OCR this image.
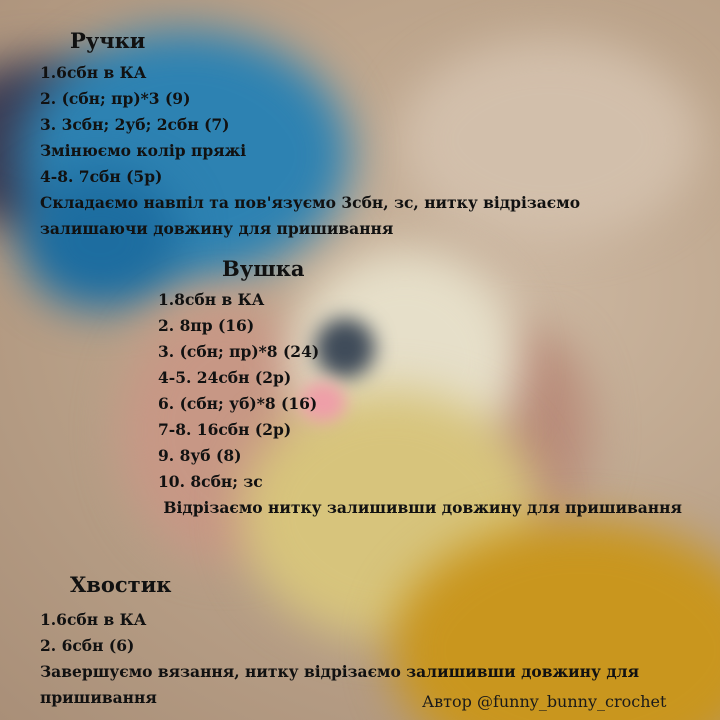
Ручки
1.6сбн в КА
2. (сбн; пр)*3 (9)
3. 3сбн; 2уб; 2сбн (7)
Змінюємо колір пряжі
4-8. 7сбн (5р)
Складаємо навпіл та пов'язуємо 3сбн, зс, нитку відрізаємо
залишаючи довжину для пришивання
Вушка
1.8сбн в КА
2. 8пр (16)
3. (сбн; пр)*8 (24)
4-5. 24сбн (2р)
6. (сбн; уб)*8 (16)
7-8. 16сбн (2р)
9. 8уб (8)
10. 8сбн; зс
Відрізаємо нитку залишивши довжину для пришивання
Хвостик
1.6сбн в КА
2. 6сбн (6)
Завершуємо вязання, нитку відрізаємо залишивши довжину для
пришивання	Автор @funny_bunny_crochet
